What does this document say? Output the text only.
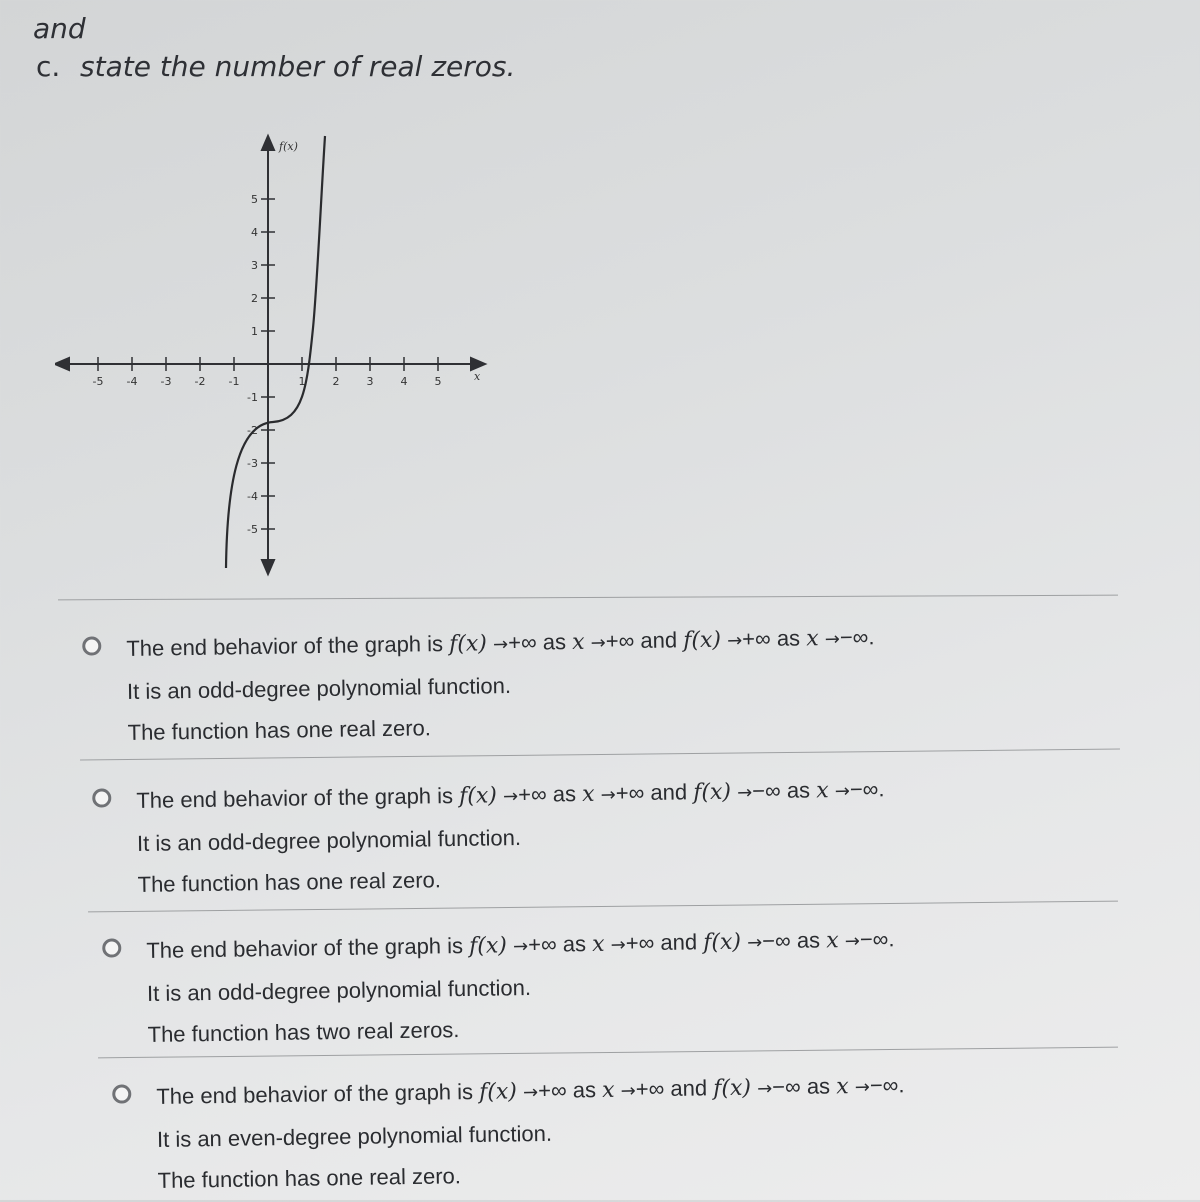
and
c. state the number of real zeros.
-5 -4 -3 -2 -1	1 2 3 4 5
5
4
3
2
1
-1
-2
-3
-4
-5
f(x)
x
The end behavior of the graph is f(x) →+∞ as x →+∞ and f(x) →+∞ as x →−∞.
It is an odd-degree polynomial function.
The function has one real zero.
The end behavior of the graph is f(x) →+∞ as x →+∞ and f(x) →−∞ as x →−∞.
It is an odd-degree polynomial function.
The function has one real zero.
The end behavior of the graph is f(x) →+∞ as x →+∞ and f(x) →−∞ as x →−∞.
It is an odd-degree polynomial function.
The function has two real zeros.
The end behavior of the graph is f(x) →+∞ as x →+∞ and f(x) →−∞ as x →−∞.
It is an even-degree polynomial function.
The function has one real zero.
